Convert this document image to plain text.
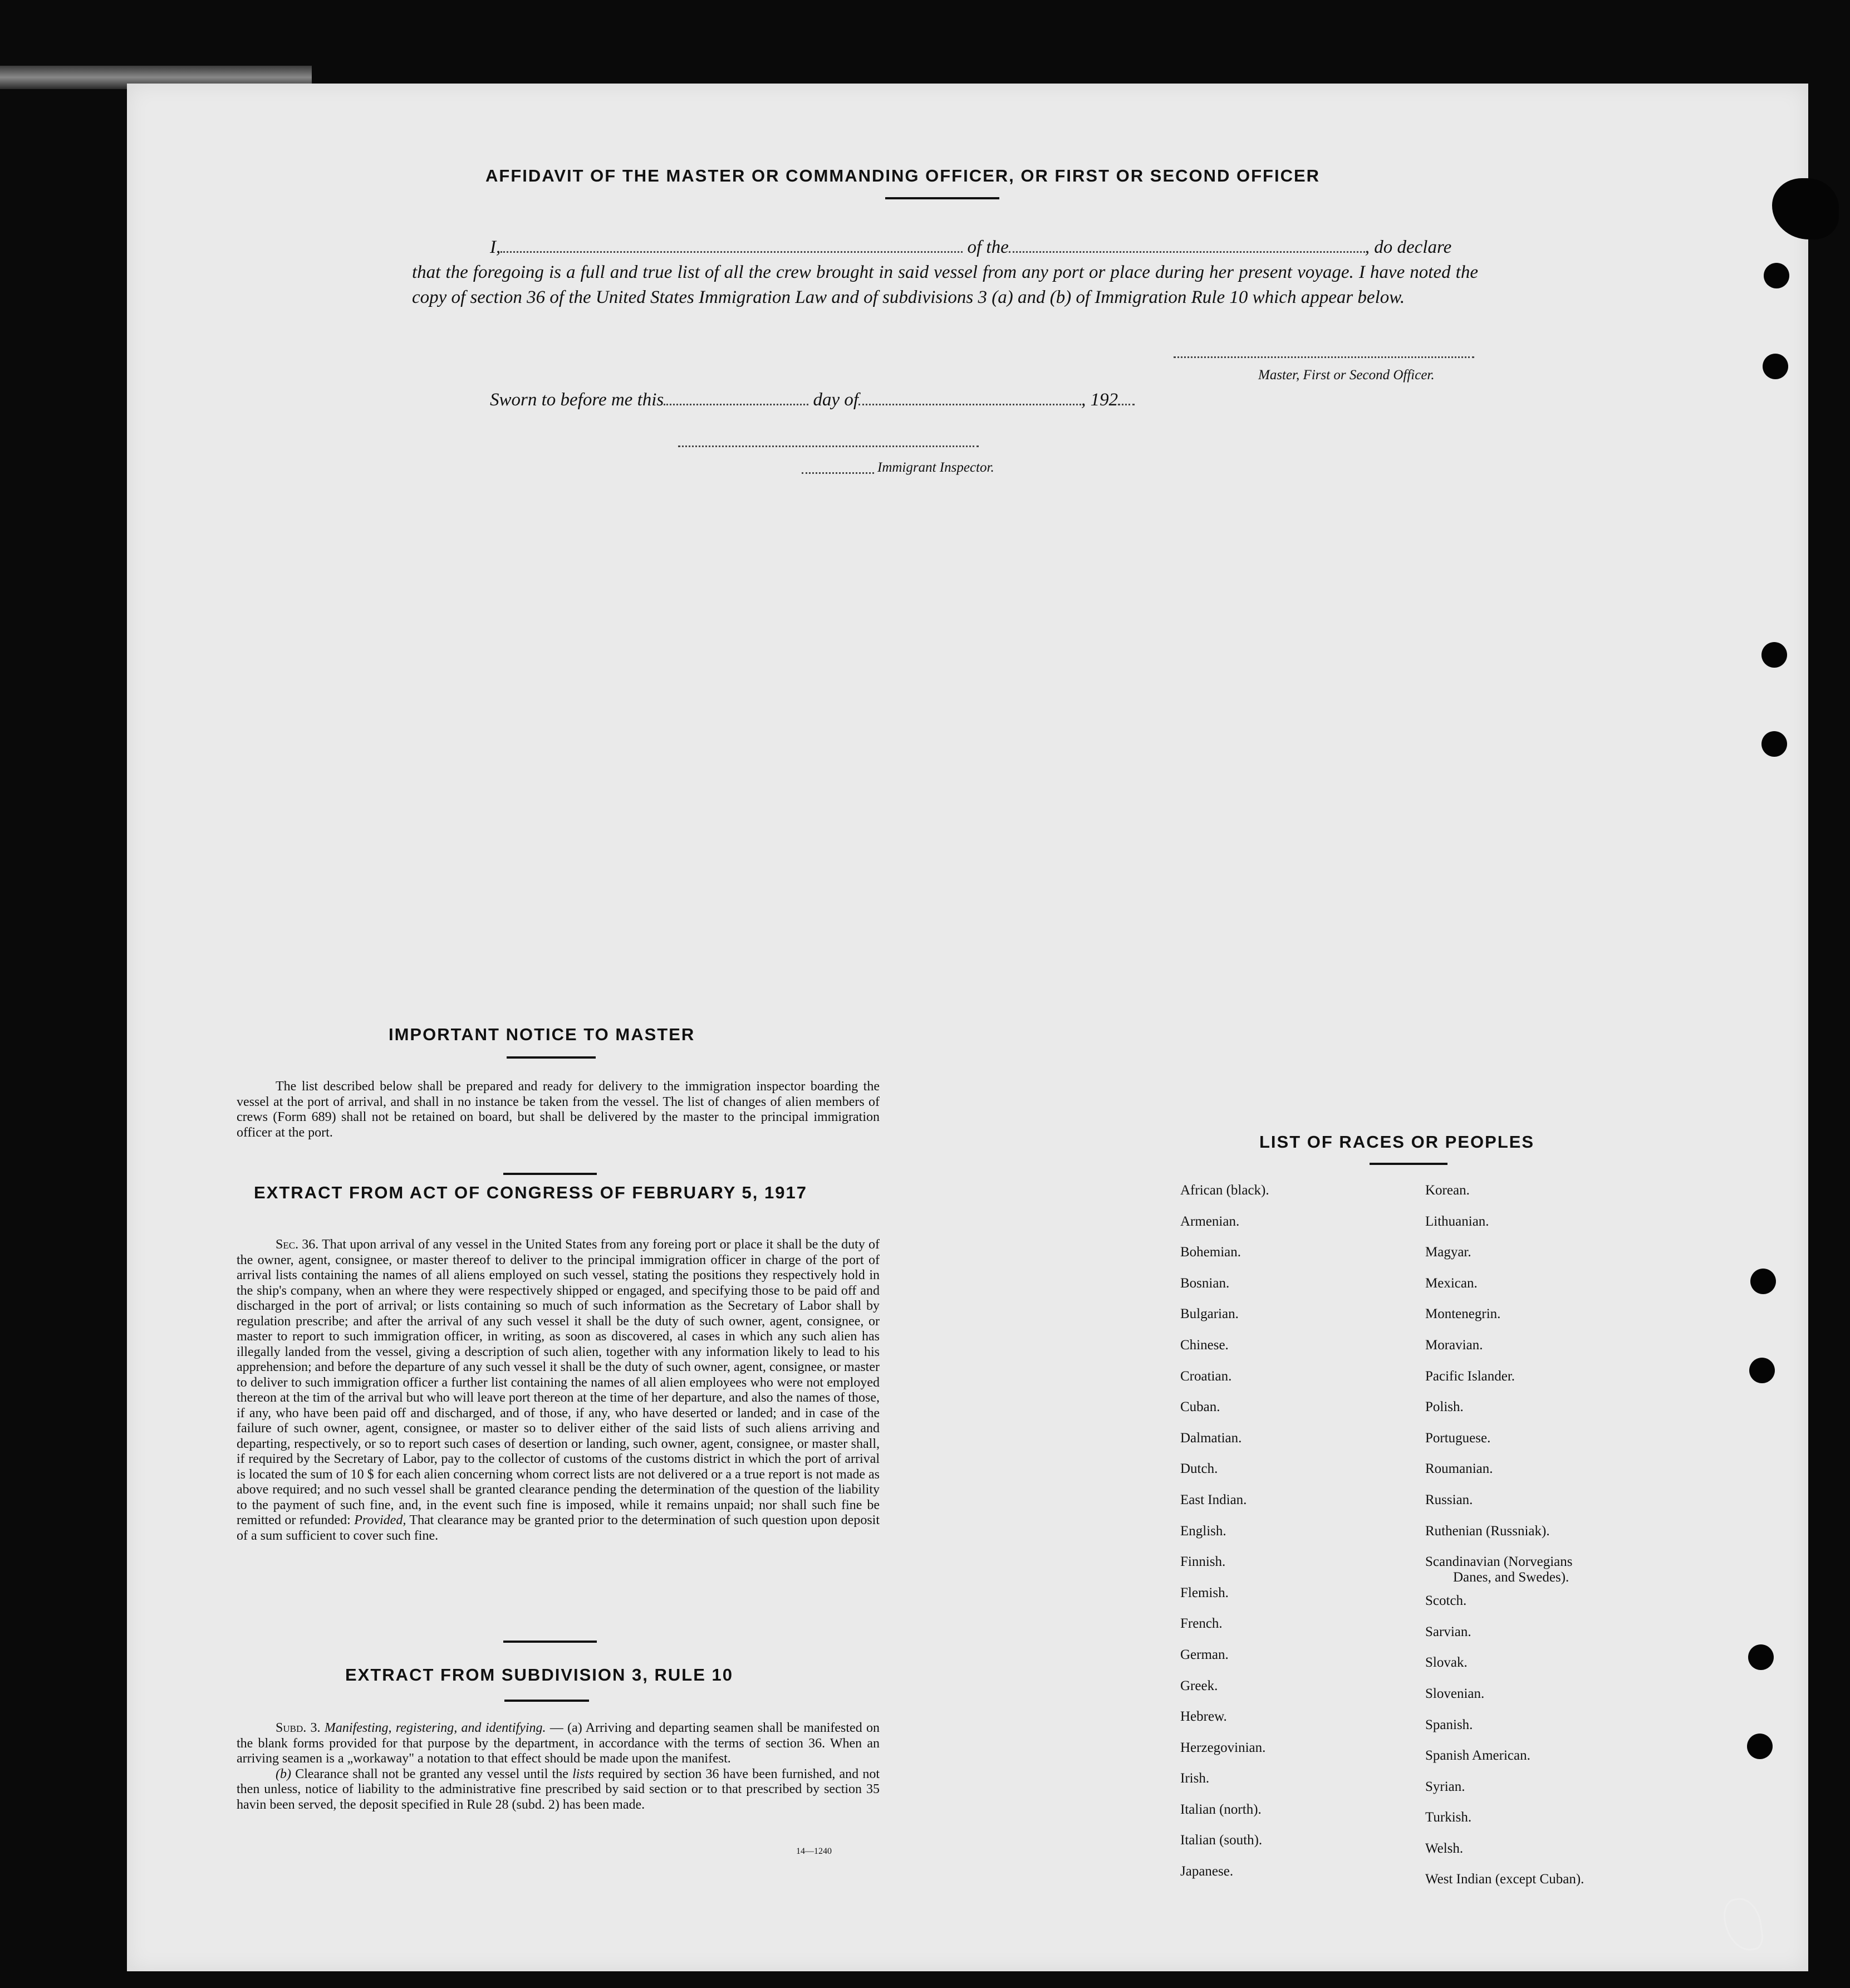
AFFIDAVIT OF THE MASTER OR COMMANDING OFFICER, OR FIRST OR SECOND OFFICER
I,	of the	, do declare
that the foregoing is a full and true list of all the crew brought in said vessel from any port or place during her present voyage. I have noted the copy of section 36 of the United States Immigration Law and of subdivisions 3 (a) and (b) of Immigration Rule 10 which appear below.
Master, First or Second Officer.
Sworn to before me this	day of	, 192
Immigrant Inspector.
IMPORTANT NOTICE TO MASTER
The list described below shall be prepared and ready for delivery to the immigration inspector boarding the vessel at the port of arrival, and shall in no instance be taken from the vessel. The list of changes of alien members of crews (Form 689) shall not be retained on board, but shall be delivered by the master to the principal immigration officer at the port.
EXTRACT FROM ACT OF CONGRESS OF FEBRUARY 5, 1917
Sec. 36. That upon arrival of any vessel in the United States from any foreing port or place it shall be the duty of the owner, agent, consignee, or master thereof to deliver to the principal immigration officer in charge of the port of arrival lists containing the names of all aliens employed on such vessel, stating the positions they respectively hold in the ship's company, when an where they were respectively shipped or engaged, and specifying those to be paid off and discharged in the port of arrival; or lists containing so much of such information as the Secretary of Labor shall by regulation prescribe; and after the arrival of any such vessel it shall be the duty of such owner, agent, consignee, or master to report to such immigration officer, in writing, as soon as discovered, al cases in which any such alien has illegally landed from the vessel, giving a description of such alien, together with any information likely to lead to his apprehension; and before the departure of any such vessel it shall be the duty of such owner, agent, consignee, or master to deliver to such immigration officer a further list containing the names of all alien employees who were not employed thereon at the tim of the arrival but who will leave port thereon at the time of her departure, and also the names of those, if any, who have been paid off and discharged, and of those, if any, who have deserted or landed; and in case of the failure of such owner, agent, consignee, or master so to deliver either of the said lists of such aliens arriving and departing, respectively, or so to report such cases of desertion or landing, such owner, agent, consignee, or master shall, if required by the Secretary of Labor, pay to the collector of customs of the customs district in which the port of arrival is located the sum of 10 $ for each alien concerning whom correct lists are not delivered or a a true report is not made as above required; and no such vessel shall be granted clearance pending the determination of the question of the liability to the payment of such fine, and, in the event such fine is imposed, while it remains unpaid; nor shall such fine be remitted or refunded: Provided, That clearance may be granted prior to the determination of such question upon deposit of a sum sufficient to cover such fine.
EXTRACT FROM SUBDIVISION 3, RULE 10
Subd. 3. Manifesting, registering, and identifying. — (a) Arriving and departing seamen shall be manifested on the blank forms provided for that purpose by the department, in accordance with the terms of section 36. When an arriving seamen is a „workaway" a notation to that effect should be made upon the manifest.
(b) Clearance shall not be granted any vessel until the lists required by section 36 have been furnished, and not then unless, notice of liability to the administrative fine prescribed by said section or to that prescribed by section 35 havin been served, the deposit specified in Rule 28 (subd. 2) has been made.
14—1240
LIST OF RACES OR PEOPLES
African (black).
Armenian.
Bohemian.
Bosnian.
Bulgarian.
Chinese.
Croatian.
Cuban.
Dalmatian.
Dutch.
East Indian.
English.
Finnish.
Flemish.
French.
German.
Greek.
Hebrew.
Herzegovinian.
Irish.
Italian (north).
Italian (south).
Japanese.
Korean.
Lithuanian.
Magyar.
Mexican.
Montenegrin.
Moravian.
Pacific Islander.
Polish.
Portuguese.
Roumanian.
Russian.
Ruthenian (Russniak).
Scandinavian (Norvegians
Danes, and Swedes).
Scotch.
Sarvian.
Slovak.
Slovenian.
Spanish.
Spanish American.
Syrian.
Turkish.
Welsh.
West Indian (except Cuban).
